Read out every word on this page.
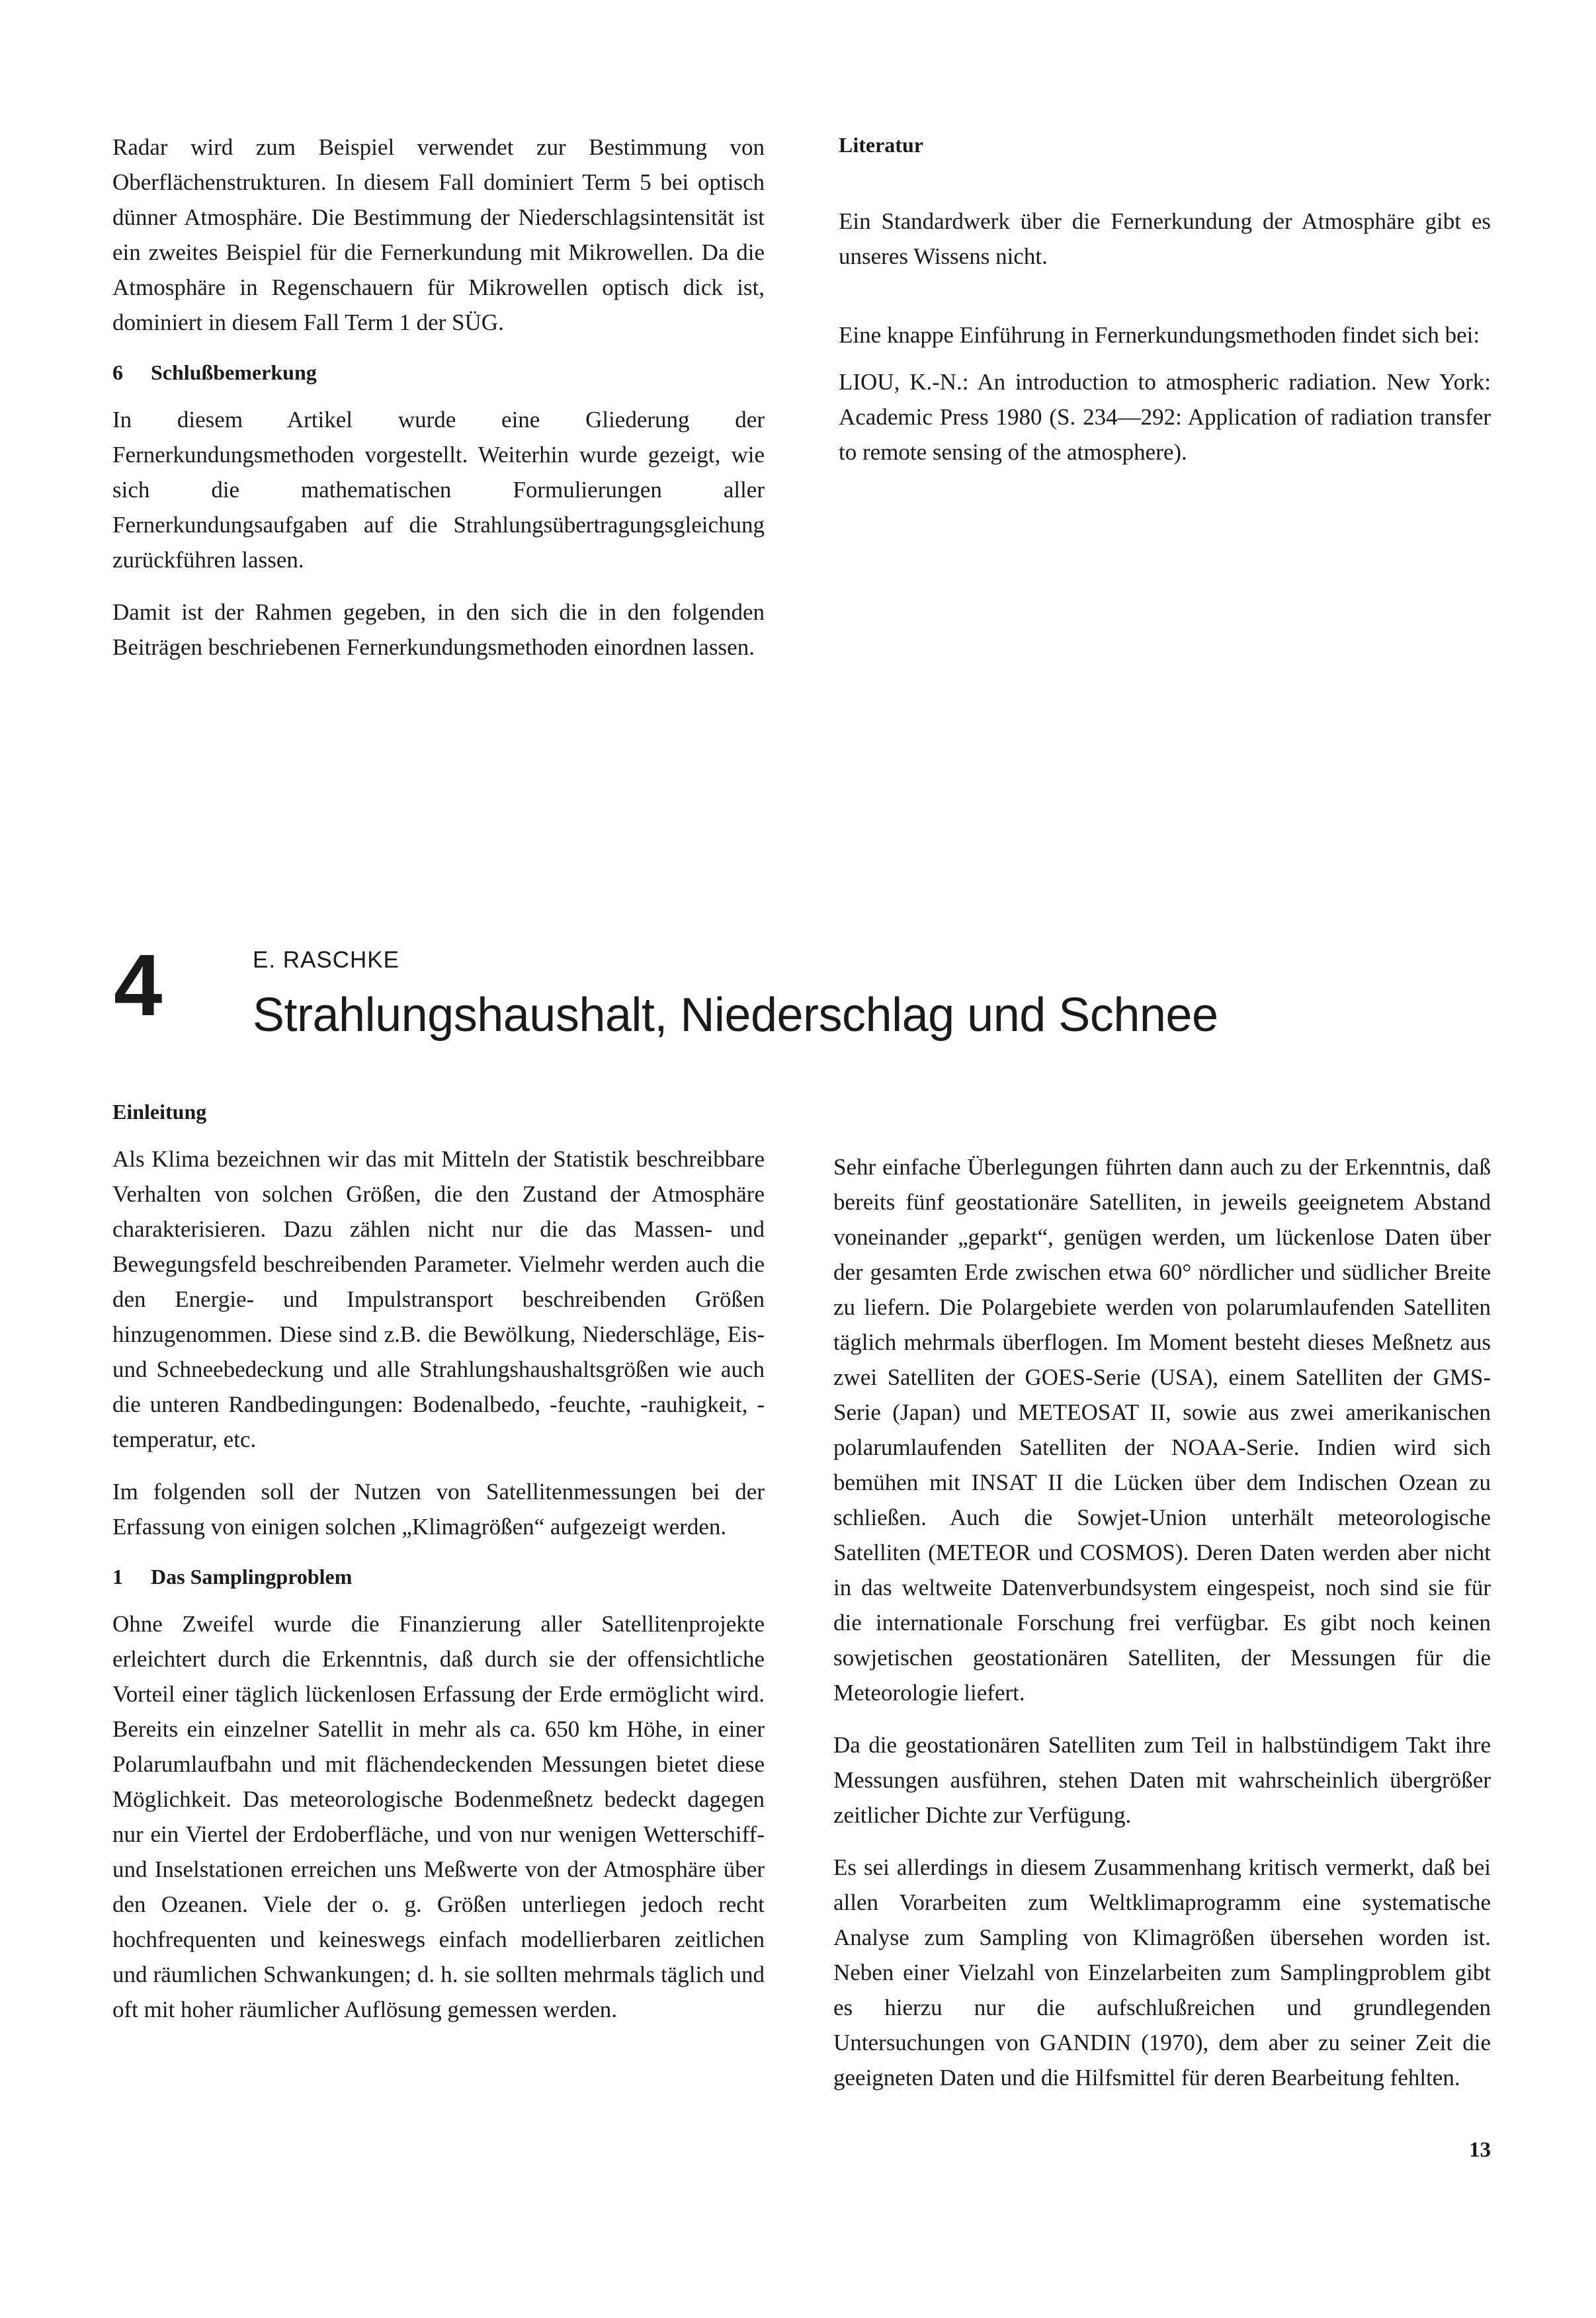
Radar wird zum Beispiel verwendet zur Bestimmung von Oberflächenstrukturen. In diesem Fall dominiert Term 5 bei optisch dünner Atmosphäre. Die Bestimmung der Niederschlagsintensität ist ein zweites Beispiel für die Fernerkundung mit Mikrowellen. Da die Atmosphäre in Regenschauern für Mikrowellen optisch dick ist, dominiert in diesem Fall Term 1 der SÜG.

6 Schlußbemerkung

In diesem Artikel wurde eine Gliederung der Fernerkundungsmethoden vorgestellt. Weiterhin wurde gezeigt, wie sich die mathematischen Formulierungen aller Fernerkundungsaufgaben auf die Strahlungsübertragungsgleichung zurückführen lassen.

Damit ist der Rahmen gegeben, in den sich die in den folgenden Beiträgen beschriebenen Fernerkundungsmethoden einordnen lassen.

Literatur

Ein Standardwerk über die Fernerkundung der Atmosphäre gibt es unseres Wissens nicht.

Eine knappe Einführung in Fernerkundungsmethoden findet sich bei:

LIOU, K.-N.: An introduction to atmospheric radiation. New York: Academic Press 1980 (S. 234—292: Application of radiation transfer to remote sensing of the atmosphere).

4	E. RASCHKE
Strahlungshaushalt, Niederschlag und Schnee
Einleitung

Als Klima bezeichnen wir das mit Mitteln der Statistik beschreibbare Verhalten von solchen Größen, die den Zustand der Atmosphäre charakterisieren. Dazu zählen nicht nur die das Massen- und Bewegungsfeld beschreibenden Parameter. Vielmehr werden auch die den Energie- und Impulstransport beschreibenden Größen hinzugenommen. Diese sind z.B. die Bewölkung, Niederschläge, Eis- und Schneebedeckung und alle Strahlungshaushaltsgrößen wie auch die unteren Randbedingungen: Bodenalbedo, -feuchte, -rauhigkeit, -temperatur, etc.

Im folgenden soll der Nutzen von Satellitenmessungen bei der Erfassung von einigen solchen „Klimagrößen“ aufgezeigt werden.

1 Das Samplingproblem

Ohne Zweifel wurde die Finanzierung aller Satellitenprojekte erleichtert durch die Erkenntnis, daß durch sie der offensichtliche Vorteil einer täglich lückenlosen Erfassung der Erde ermöglicht wird. Bereits ein einzelner Satellit in mehr als ca. 650 km Höhe, in einer Polarumlaufbahn und mit flächendeckenden Messungen bietet diese Möglichkeit. Das meteorologische Bodenmeßnetz bedeckt dagegen nur ein Viertel der Erdoberfläche, und von nur wenigen Wetterschiff- und Inselstationen erreichen uns Meßwerte von der Atmosphäre über den Ozeanen. Viele der o. g. Größen unterliegen jedoch recht hochfrequenten und keineswegs einfach modellierbaren zeitlichen und räumlichen Schwankungen; d. h. sie sollten mehrmals täglich und oft mit hoher räumlicher Auflösung gemessen werden.

Sehr einfache Überlegungen führten dann auch zu der Erkenntnis, daß bereits fünf geostationäre Satelliten, in jeweils geeignetem Abstand voneinander „geparkt“, genügen werden, um lückenlose Daten über der gesamten Erde zwischen etwa 60° nördlicher und südlicher Breite zu liefern. Die Polargebiete werden von polarumlaufenden Satelliten täglich mehrmals überflogen. Im Moment besteht dieses Meßnetz aus zwei Satelliten der GOES-Serie (USA), einem Satelliten der GMS-Serie (Japan) und METEOSAT II, sowie aus zwei amerikanischen polarumlaufenden Satelliten der NOAA-Serie. Indien wird sich bemühen mit INSAT II die Lücken über dem Indischen Ozean zu schließen. Auch die Sowjet-Union unterhält meteorologische Satelliten (METEOR und COSMOS). Deren Daten werden aber nicht in das weltweite Datenverbundsystem eingespeist, noch sind sie für die internationale Forschung frei verfügbar. Es gibt noch keinen sowjetischen geostationären Satelliten, der Messungen für die Meteorologie liefert.

Da die geostationären Satelliten zum Teil in halbstündigem Takt ihre Messungen ausführen, stehen Daten mit wahrscheinlich übergrößer zeitlicher Dichte zur Verfügung.

Es sei allerdings in diesem Zusammenhang kritisch vermerkt, daß bei allen Vorarbeiten zum Weltklimaprogramm eine systematische Analyse zum Sampling von Klimagrößen übersehen worden ist. Neben einer Vielzahl von Einzelarbeiten zum Samplingproblem gibt es hierzu nur die aufschlußreichen und grundlegenden Untersuchungen von GANDIN (1970), dem aber zu seiner Zeit die geeigneten Daten und die Hilfsmittel für deren Bearbeitung fehlten.

13
